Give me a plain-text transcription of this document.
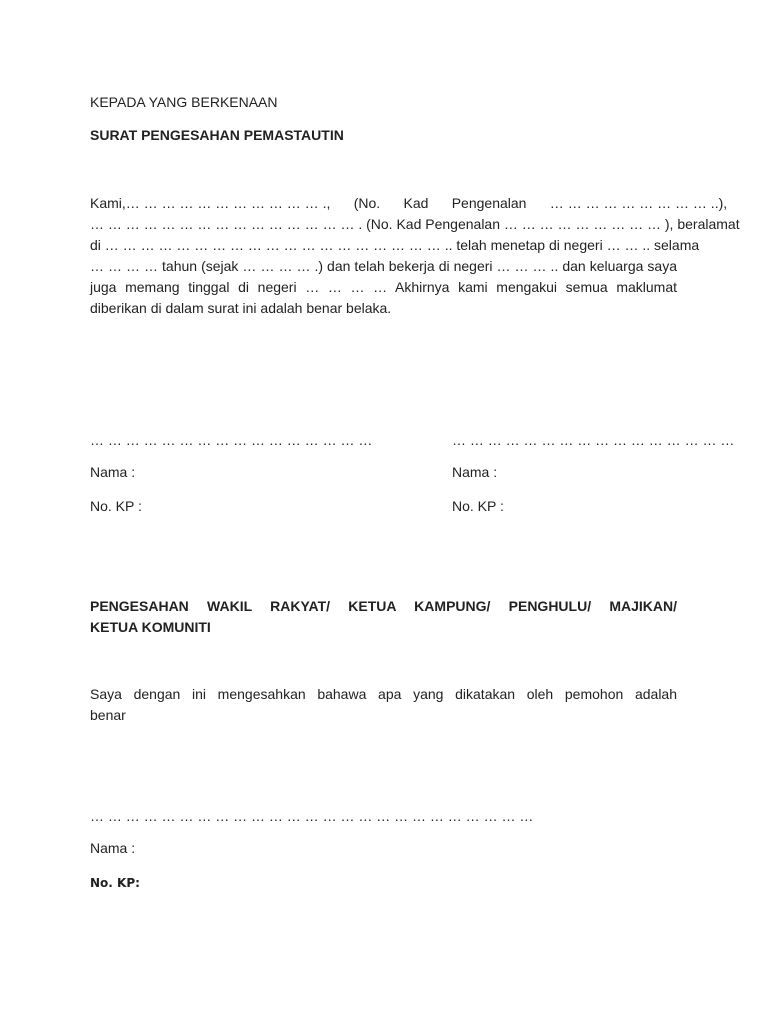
KEPADA YANG BERKENAAN
SURAT PENGESAHAN PEMASTAUTIN
Kami,… … … … … … … … … … … .,      (No.      Kad      Pengenalan      … … … … … … … … … ..),
… … … … … … … … … … … … … … … . (No. Kad Pengenalan … … … … … … … … … ), beralamat
di … … … … … … … … … … … … … … … … … … … .. telah menetap di negeri … … .. selama
… … … … tahun (sejak … … … … .) dan telah bekerja di negeri … … … .. dan keluarga saya
juga memang tinggal di negeri … … … … Akhirnya kami mengakui semua maklumat
diberikan di dalam surat ini adalah benar belaka.
… … … … … … … … … … … … … … … …
Nama :
No. KP :
… … … … … … … … … … … … … … … …
Nama :
No. KP :
PENGESAHAN WAKIL RAKYAT/ KETUA KAMPUNG/ PENGHULU/ MAJIKAN/
KETUA KOMUNITI
Saya dengan ini mengesahkan bahawa apa yang dikatakan oleh pemohon adalah
benar
… … … … … … … … … … … … … … … … … … … … … … … … …
Nama :
No. KP:
